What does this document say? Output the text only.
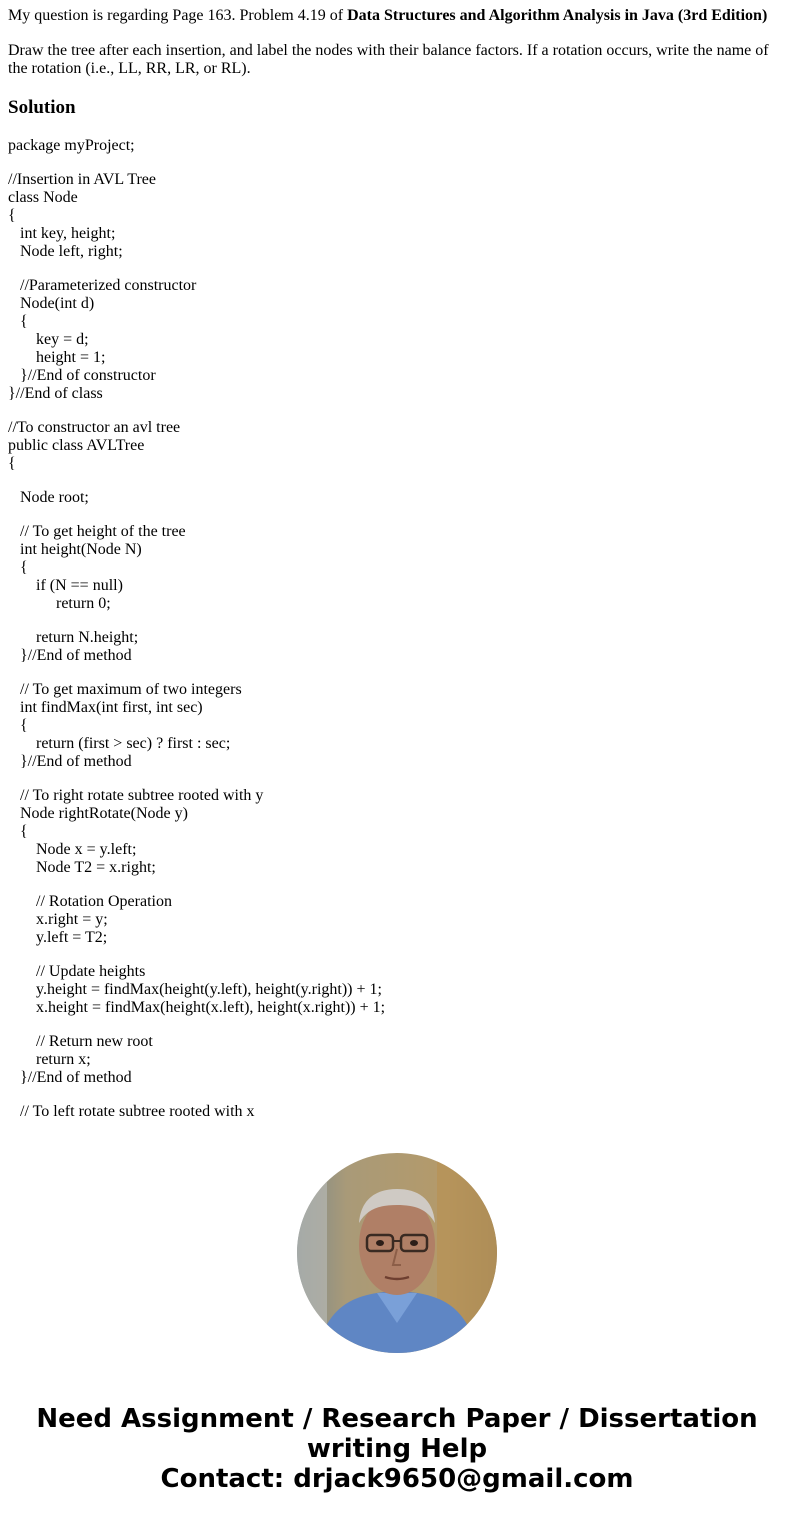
My question is regarding Page 163. Problem 4.19 of Data Structures and Algorithm Analysis in Java (3rd Edition)

Draw the tree after each insertion, and label the nodes with their balance factors. If a rotation occurs, write the name of the rotation (i.e., LL, RR, LR, or RL).

Solution
package myProject;
//Insertion in AVL Tree
class Node
{
int key, height;
Node left, right;
//Parameterized constructor
Node(int d)
{
key = d;
height = 1;
}//End of constructor
}//End of class
//To constructor an avl tree
public class AVLTree
{
Node root;
// To get height of the tree
int height(Node N)
{
if (N == null)
return 0;
return N.height;
}//End of method
// To get maximum of two integers
int findMax(int first, int sec)
{
return (first > sec) ? first : sec;
}//End of method
// To right rotate subtree rooted with y
Node rightRotate(Node y)
{
Node x = y.left;
Node T2 = x.right;
// Rotation Operation
x.right = y;
y.left = T2;
// Update heights
y.height = findMax(height(y.left), height(y.right)) + 1;
x.height = findMax(height(x.left), height(x.right)) + 1;
// Return new root
return x;
}//End of method
// To left rotate subtree rooted with x
Need Assignment / Research Paper / Dissertation
writing Help
Contact: drjack9650@gmail.com
